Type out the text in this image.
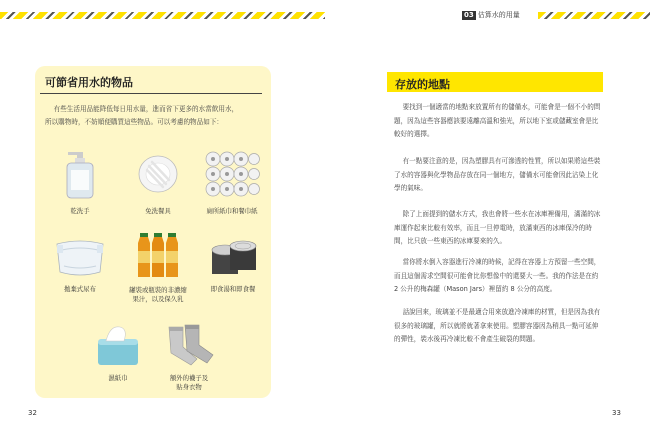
03 估算水的用量
可節省用水的物品

有些生活用品能降低每日用水量，進而省下更多的水當飲用水，

所以購物時，不妨順便購買這些物品。可以考慮的物品如下：

乾洗手	免洗餐具	廁所紙巾和餐巾紙
拋棄式尿布	罐裝或瓶裝的非濃縮
果汁，以及保久乳
即食湯和即食餐
濕紙巾	額外的襪子及
貼身衣物
存放的地點

要找到一個適當的地點來放置所有的儲備水，可能會是一個不小的問題，因為這些容器應該要遠離高溫和強光，所以地下室或儲藏室會是比較好的選擇。

有一點要注意的是，因為塑膠具有可滲透的性質，所以如果將這些裝了水的容器與化學物品存放在同一個地方，儲備水可能會因此沾染上化學的氣味。

除了上面提到的儲水方式，我也會將一些水在冰庫裡備用，滿滿的冰庫運作起來比較有效率，而且一旦停電時，放滿東西的冰庫保冷的時間，比只放一些東西的冰庫要來的久。

當你將水倒入容器進行冷凍的時候，記得在容器上方預留一些空間，而且這個需求空間很可能會比你想像中的還要大一些。我的作法是在約 2 公升的梅森罐（Mason Jars）裡留約 8 公分的高度。

話說回來，玻璃並不是最適合用來放進冷凍庫的材質，但是因為我有很多的玻璃罐，所以就將就著拿來使用。塑膠容器因為稍具一點可延伸的彈性，裝水後再冷凍比較不會產生破裂的問題。

32	33
